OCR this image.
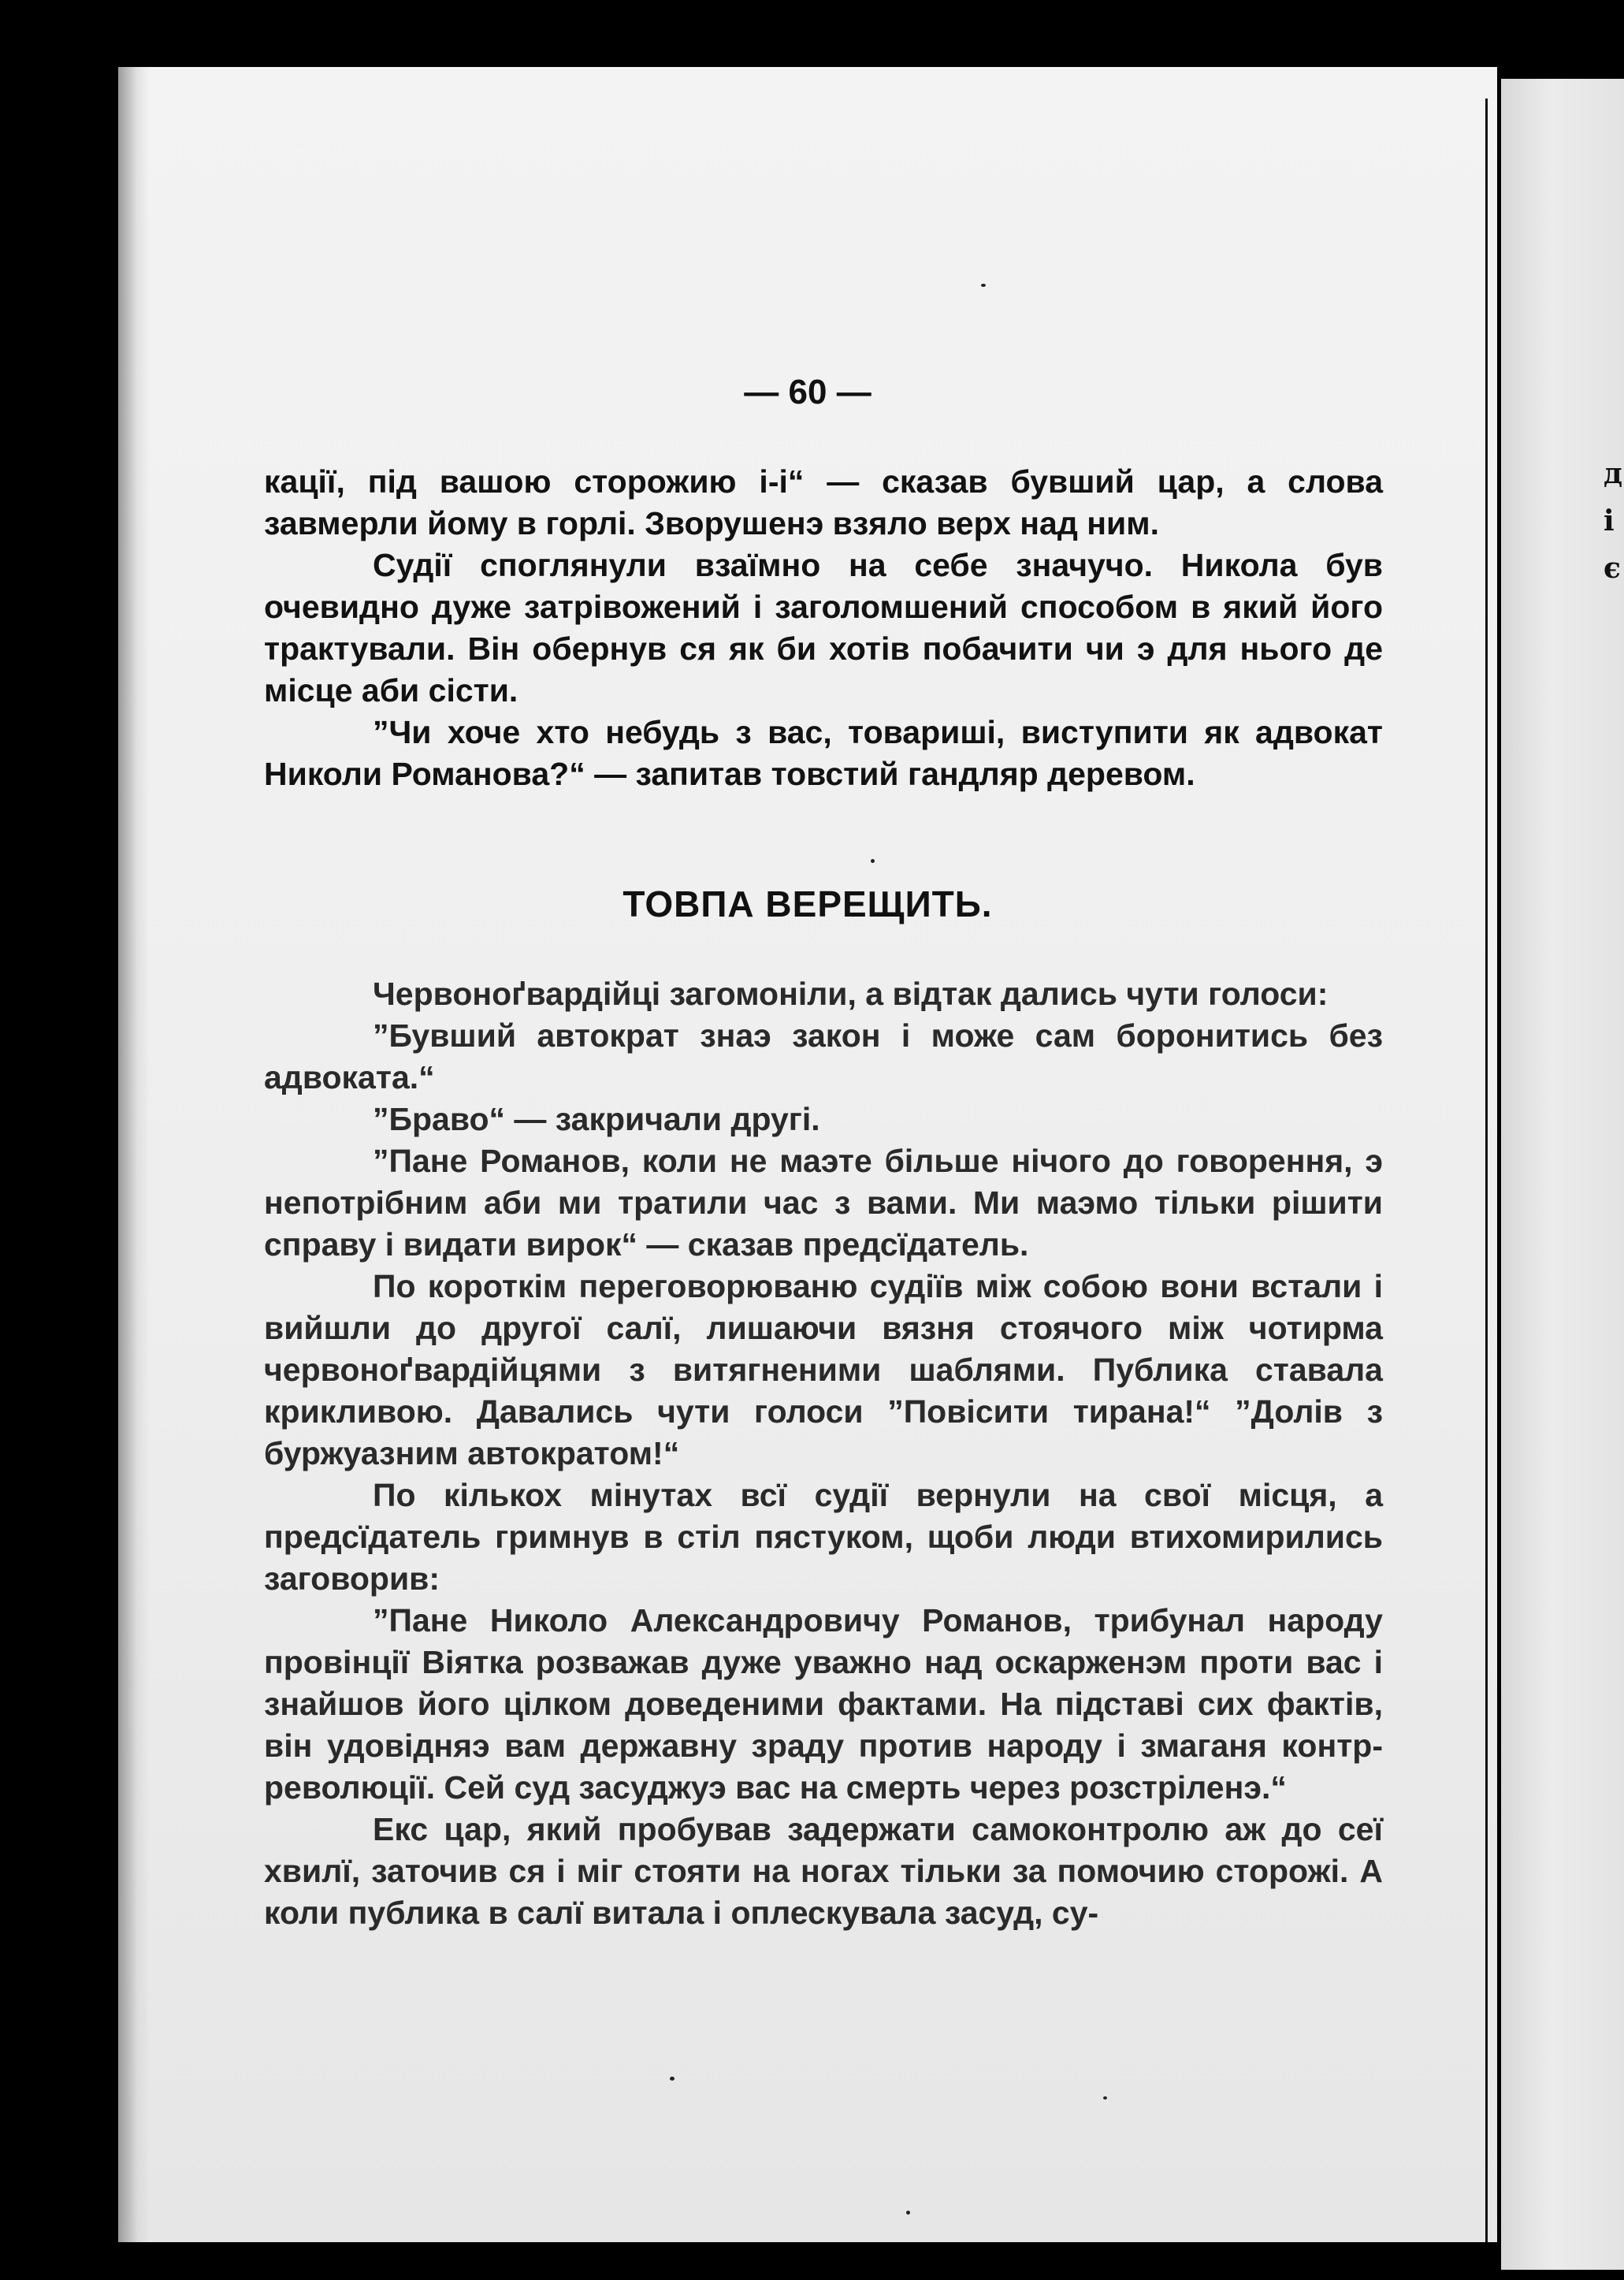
д
і
є
— 60 —

кації, під вашою сторожию і-і“ — сказав бувший цар, а слова завмерли йому в горлі. Зворушенэ взяло верх над ним.

Судії споглянули взаїмно на себе значучо. Никола був очевидно дуже затрівожений і заголомшений способом в який його трактували. Він обернув ся як би хотів побачити чи э для нього де місце аби сісти.

”Чи хоче хто небудь з вас, товариші, виступити як адвокат Николи Романова?“ — запитав товстий гандляр деревом.

ТОВПА ВЕРЕЩИТЬ.

Червоноґвардійці загомоніли, а відтак дались чути голоси:

”Бувший автократ знаэ закон і може сам боронитись без адвоката.“

”Браво“ — закричали другі.

”Пане Романов, коли не маэте більше нічого до говорення, э непотрібним аби ми тратили час з вами. Ми маэмо тільки рішити справу і видати вирок“ — сказав предсїдатель.

По короткім переговорюваню судіїв між собою вони встали і вийшли до другої салї, лишаючи вязня стоячого між чотирма червоноґвардійцями з витягненими шаблями. Публика ставала крикливою. Давались чути голоси ”Повісити тирана!“ ”Долів з буржуазним автократом!“

По кількох мінутах всї судії вернули на свої місця, а предсїдатель гримнув в стіл пястуком, щоби люди втихомирились заговорив:

”Пане Николо Александровичу Романов, трибунал народу провінції Віятка розважав дуже уважно над оскарженэм проти вас і знайшов його цілком доведеними фактами. На підставі сих фактів, він удовідняэ вам державну зраду против народу і змаганя контр-революції. Сей суд засуджуэ вас на смерть через розстріленэ.“

Екс цар, який пробував задержати самоконтролю аж до сеї хвилї, заточив ся і міг стояти на ногах тільки за помочию сторожі. А коли публика в салї витала і оплескувала засуд, су-
